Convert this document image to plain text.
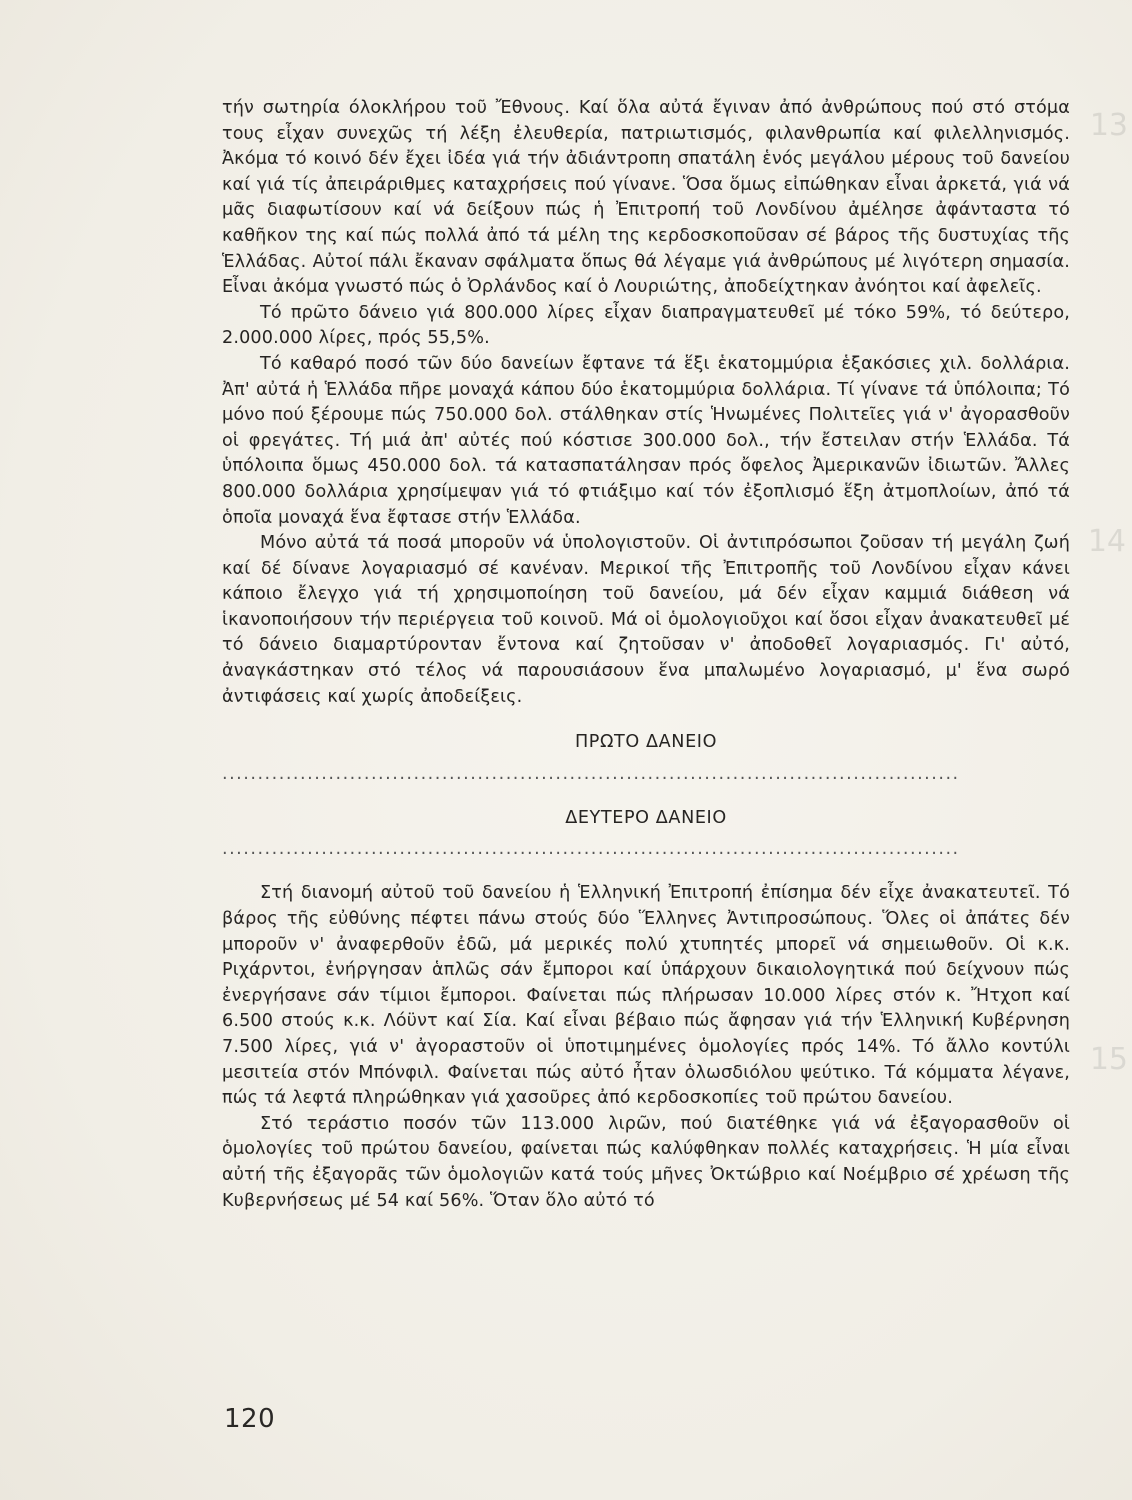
13
14
15

τήν σωτηρία όλοκλήρου τοῦ Ἔθνους. Καί ὅλα αὐτά ἔγιναν ἀπό ἀνθρώπους πού στό στόμα τους εἶχαν συνεχῶς τή λέξη ἐλευθερία, πατριωτισμός, φιλανθρωπία καί φιλελληνισμός. Ἀκόμα τό κοινό δέν ἔχει ἰδέα γιά τήν ἀδιάντροπη σπατάλη ἑνός μεγάλου μέρους τοῦ δανείου καί γιά τίς ἀπειράριθμες καταχρήσεις πού γίνανε. Ὅσα ὅμως εἰπώθηκαν εἶναι ἀρκετά, γιά νά μᾶς διαφωτίσουν καί νά δείξουν πώς ἡ Ἐπιτροπή τοῦ Λονδίνου ἀμέλησε ἀφάνταστα τό καθῆκον της καί πώς πολλά ἀπό τά μέλη της κερδοσκοποῦσαν σέ βάρος τῆς δυστυχίας τῆς Ἑλλάδας. Αὐτοί πάλι ἔκαναν σφάλματα ὅπως θά λέγαμε γιά ἀνθρώπους μέ λιγότερη σημασία. Εἶναι ἀκόμα γνωστό πώς ὁ Ὀρλάνδος καί ὁ Λουριώτης, ἀποδείχτηκαν ἀνόητοι καί ἀφελεῖς.

Τό πρῶτο δάνειο γιά 800.000 λίρες εἶχαν διαπραγματευθεῖ μέ τόκο 59%, τό δεύτερο, 2.000.000 λίρες, πρός 55,5%.

Τό καθαρό ποσό τῶν δύο δανείων ἔφτανε τά ἕξι ἑκατομμύρια ἑξακόσιες χιλ. δολλάρια. Ἀπ' αὐτά ἡ Ἑλλάδα πῆρε μοναχά κάπου δύο ἑκατομμύρια δολλάρια. Τί γίνανε τά ὑπόλοιπα; Τό μόνο πού ξέρουμε πώς 750.000 δολ. στάλθηκαν στίς Ἡνωμένες Πολιτεῖες γιά ν' ἀγορασθοῦν οἱ φρεγάτες. Τή μιά ἀπ' αὐτές πού κόστισε 300.000 δολ., τήν ἔστειλαν στήν Ἑλλάδα. Τά ὑπόλοιπα ὅμως 450.000 δολ. τά κατασπατάλησαν πρός ὄφελος Ἀμερικανῶν ἰδιωτῶν. Ἄλλες 800.000 δολλάρια χρησίμεψαν γιά τό φτιάξιμο καί τόν ἐξοπλισμό ἕξη ἀτμοπλοίων, ἀπό τά ὁποῖα μοναχά ἕνα ἔφτασε στήν Ἑλλάδα.

Μόνο αὐτά τά ποσά μποροῦν νά ὑπολογιστοῦν. Οἱ ἀντιπρόσωποι ζοῦσαν τή μεγάλη ζωή καί δέ δίνανε λογαριασμό σέ κανέναν. Μερικοί τῆς Ἐπιτροπῆς τοῦ Λονδίνου εἶχαν κάνει κάποιο ἔλεγχο γιά τή χρησιμοποίηση τοῦ δανείου, μά δέν εἶχαν καμμιά διάθεση νά ἱκανοποιήσουν τήν περιέργεια τοῦ κοινοῦ. Μά οἱ ὁμολογιοῦχοι καί ὅσοι εἶχαν ἀνακατευθεῖ μέ τό δάνειο διαμαρτύρονταν ἔντονα καί ζητοῦσαν ν' ἀποδοθεῖ λογαριασμός. Γι' αὐτό, ἀναγκάστηκαν στό τέλος νά παρουσιάσουν ἕνα μπαλωμένο λογαριασμό, μ' ἕνα σωρό ἀντιφάσεις καί χωρίς ἀποδείξεις.

ΠΡΩΤΟ ΔΑΝΕΙΟ
........................................................................................................
ΔΕΥΤΕΡΟ ΔΑΝΕΙΟ
........................................................................................................

Στή διανομή αὐτοῦ τοῦ δανείου ἡ Ἑλληνική Ἐπιτροπή ἐπίσημα δέν εἶχε ἀνακατευτεῖ. Τό βάρος τῆς εὐθύνης πέφτει πάνω στούς δύο Ἕλληνες Ἀντιπροσώπους. Ὅλες οἱ ἀπάτες δέν μποροῦν ν' ἀναφερθοῦν ἐδῶ, μά μερικές πολύ χτυπητές μπορεῖ νά σημειωθοῦν. Οἱ κ.κ. Ριχάρντοι, ἐνήργησαν ἁπλῶς σάν ἔμποροι καί ὑπάρχουν δικαιολογητικά πού δείχνουν πώς ἐνεργήσανε σάν τίμιοι ἔμποροι. Φαίνεται πώς πλήρωσαν 10.000 λίρες στόν κ. Ἤτχοπ καί 6.500 στούς κ.κ. Λόϋντ καί Σία. Καί εἶναι βέβαιο πώς ἄφησαν γιά τήν Ἑλληνική Κυβέρνηση 7.500 λίρες, γιά ν' ἀγοραστοῦν οἱ ὑποτιμημένες ὁμολογίες πρός 14%. Τό ἄλλο κοντύλι μεσιτεία στόν Μπόνφιλ. Φαίνεται πώς αὐτό ἦταν ὁλωσδιόλου ψεύτικο. Τά κόμματα λέγανε, πώς τά λεφτά πληρώθηκαν γιά χασοῦρες ἀπό κερδοσκοπίες τοῦ πρώτου δανείου.

Στό τεράστιο ποσόν τῶν 113.000 λιρῶν, πού διατέθηκε γιά νά ἐξαγορασθοῦν οἱ ὁμολογίες τοῦ πρώτου δανείου, φαίνεται πώς καλύφθηκαν πολλές καταχρήσεις. Ἡ μία εἶναι αὐτή τῆς ἐξαγορᾶς τῶν ὁμολογιῶν κατά τούς μῆνες Ὀκτώβριο καί Νοέμβριο σέ χρέωση τῆς Κυβερνήσεως μέ 54 καί 56%. Ὅταν ὅλο αὐτό τό

120
